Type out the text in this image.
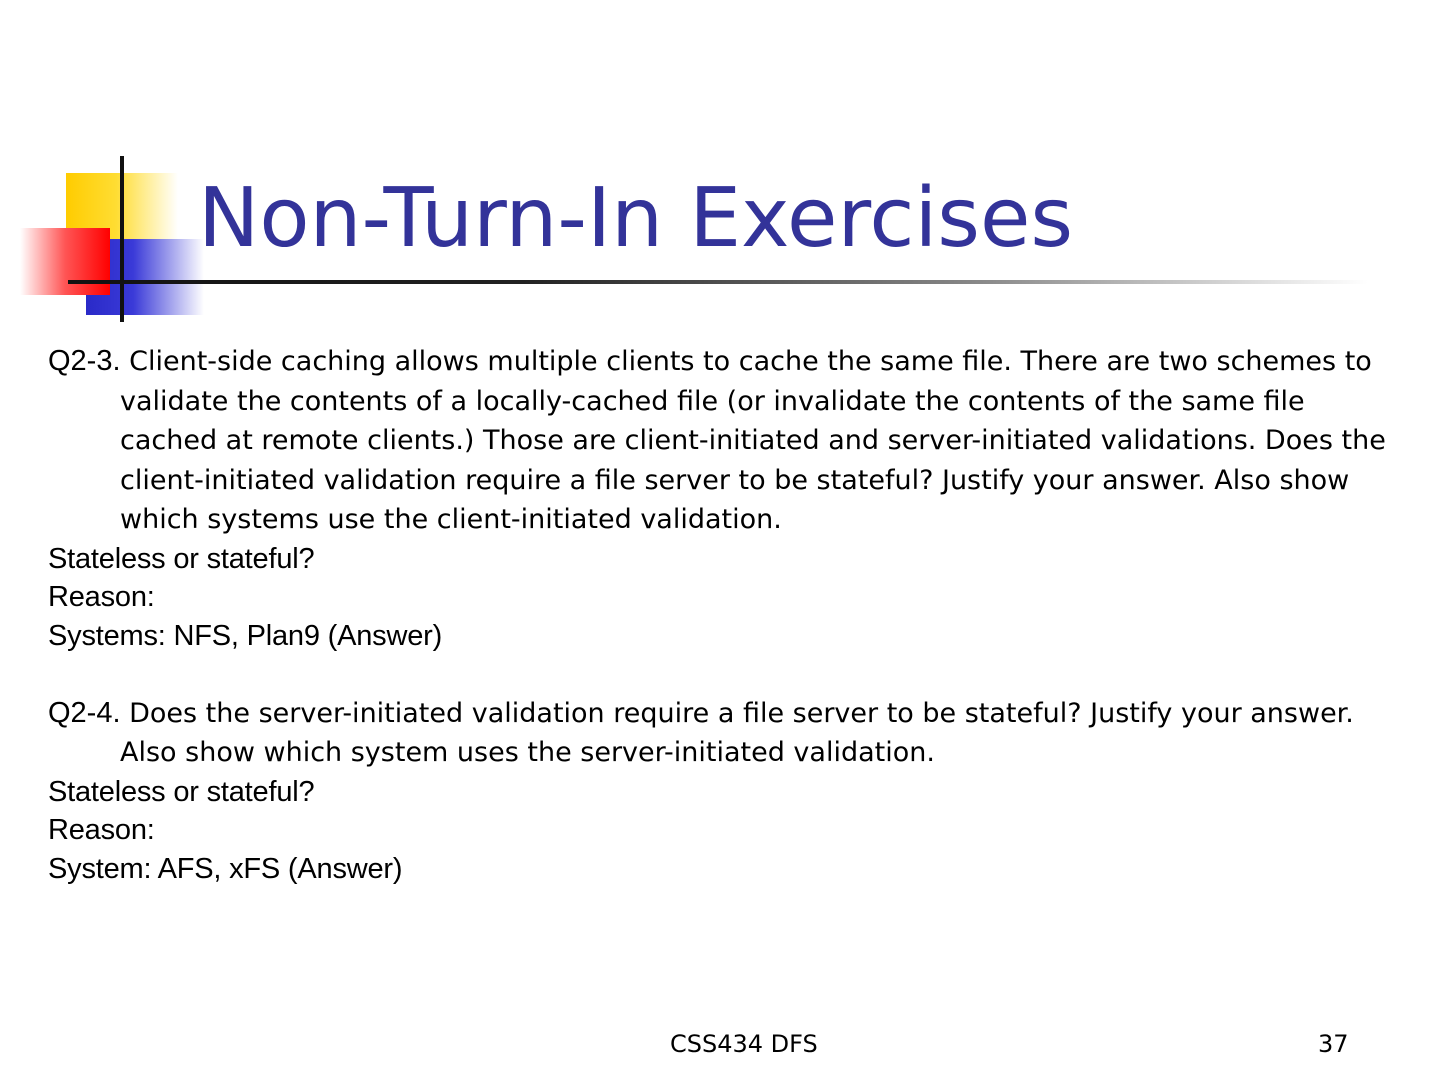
Non-Turn-In Exercises

Q2-3. Client-side caching allows multiple clients to cache the same file. There are two schemes to validate the contents of a locally-cached file (or invalidate the contents of the same file cached at remote clients.) Those are client-initiated and server-initiated validations. Does the client-initiated validation require a file server to be stateful? Justify your answer. Also show which systems use the client-initiated validation.

Stateless or stateful?

Reason:

Systems: NFS, Plan9 (Answer)

Q2-4. Does the server-initiated validation require a file server to be stateful? Justify your answer. Also show which system uses the server-initiated validation.

Stateless or stateful?

Reason:

System: AFS, xFS (Answer)

CSS434 DFS	37
